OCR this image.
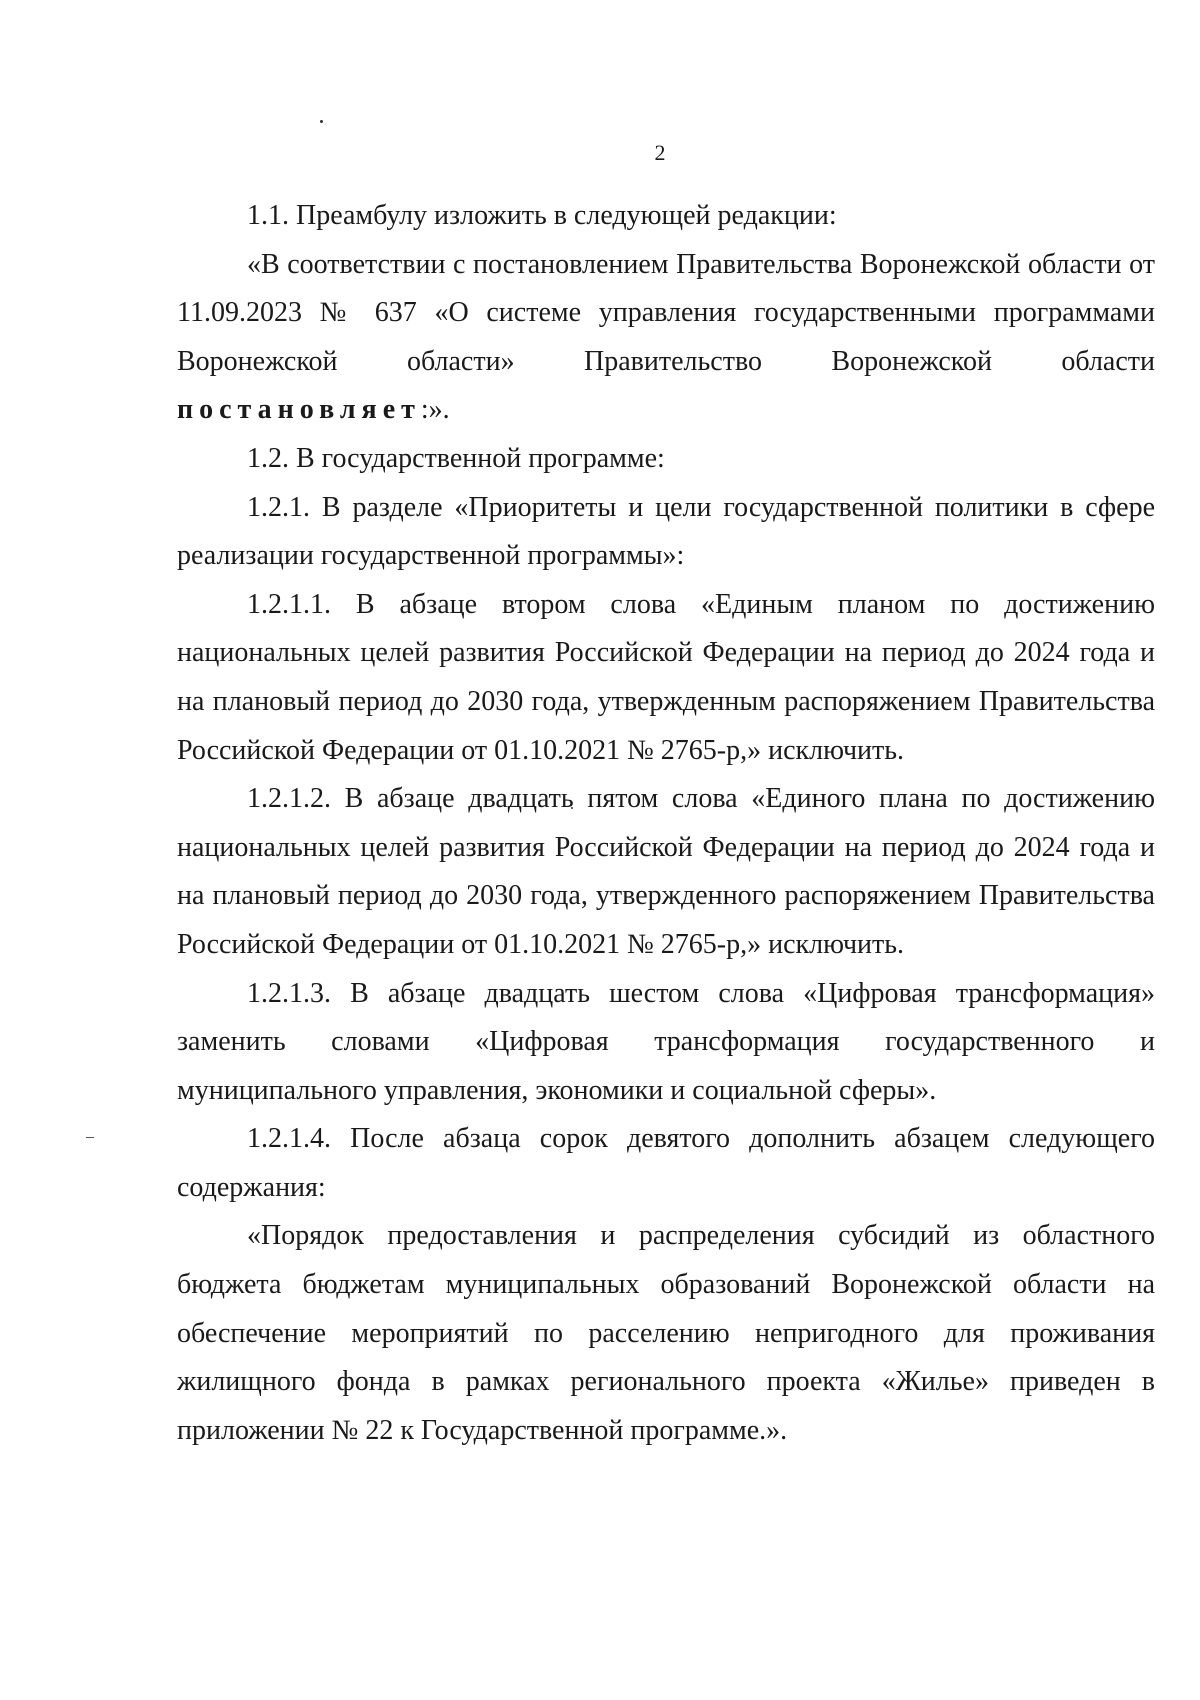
2

1.1. Преамбулу изложить в следующей редакции:

«В соответствии с постановлением Правительства Воронежской области от 11.09.2023 № 637 «О системе управления государственными программами Воронежской области» Правительство Воронежской области постановляет:».

1.2. В государственной программе:

1.2.1. В разделе «Приоритеты и цели государственной политики в сфере реализации государственной программы»:

1.2.1.1. В абзаце втором слова «Единым планом по достижению национальных целей развития Российской Федерации на период до 2024 года и на плановый период до 2030 года, утвержденным распоряжением Правительства Российской Федерации от 01.10.2021 № 2765-р,» исключить.

1.2.1.2. В абзаце двадцать пятом слова «Единого плана по достижению национальных целей развития Российской Федерации на период до 2024 года и на плановый период до 2030 года, утвержденного распоряжением Правительства Российской Федерации от 01.10.2021 № 2765-р,» исключить.

1.2.1.3. В абзаце двадцать шестом слова «Цифровая трансформация» заменить словами «Цифровая трансформация государственного и муниципального управления, экономики и социальной сферы».

1.2.1.4. После абзаца сорок девятого дополнить абзацем следующего содержания:

«Порядок предоставления и распределения субсидий из областного бюджета бюджетам муниципальных образований Воронежской области на обеспечение мероприятий по расселению непригодного для проживания жилищного фонда в рамках регионального проекта «Жилье» приведен в приложении № 22 к Государственной программе.».
